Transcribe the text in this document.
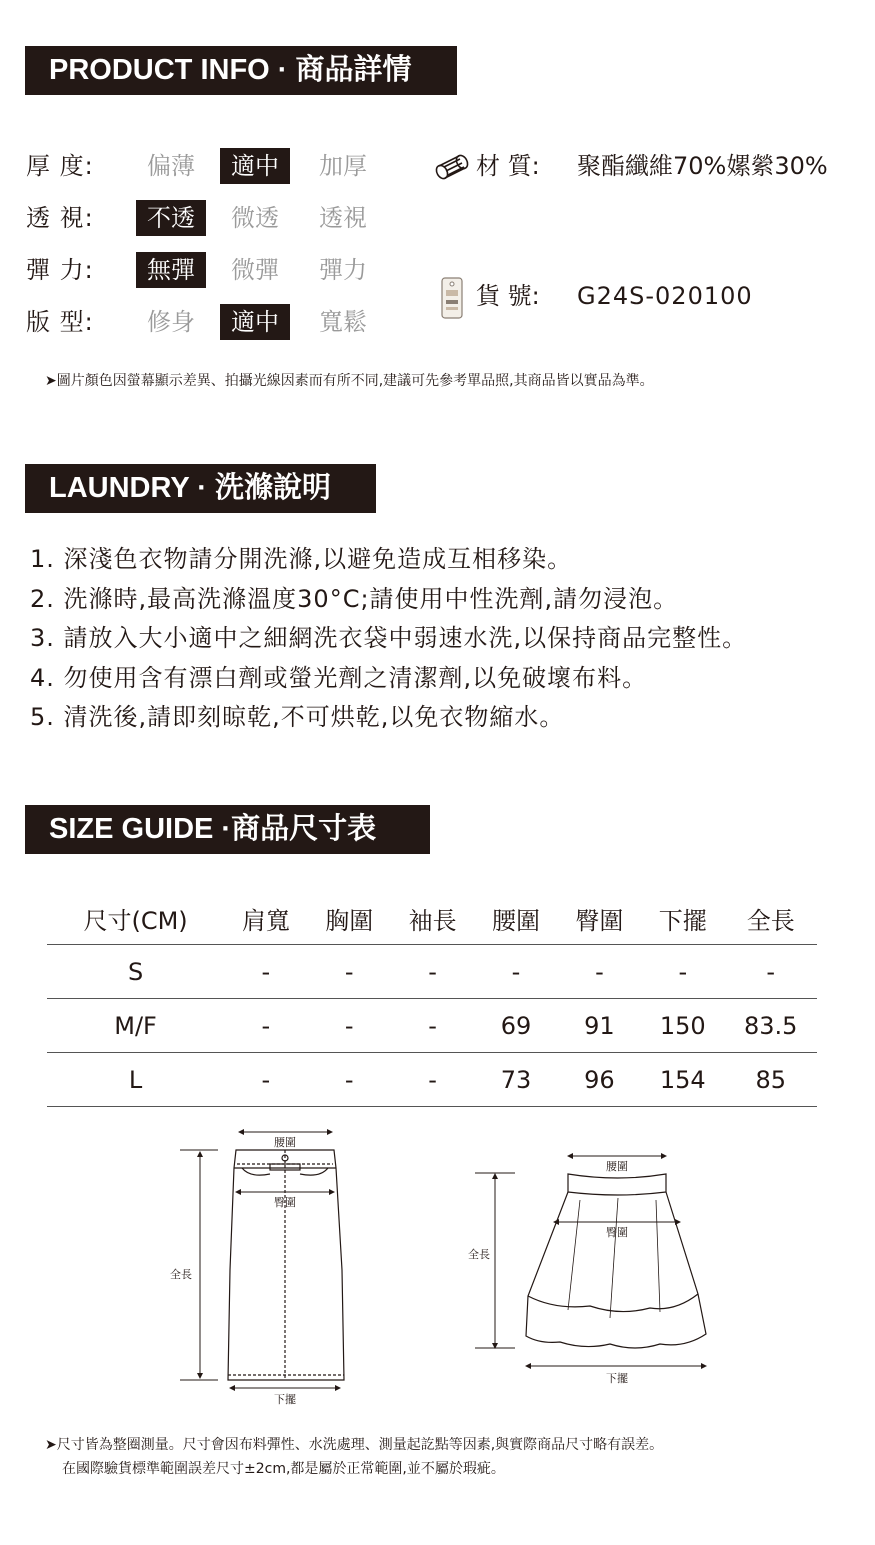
PRODUCT INFO · 商品詳情
厚 度:	偏薄	適中	加厚
透 視:	不透	微透	透視
彈 力:	無彈	微彈	彈力
版 型:	修身	適中	寬鬆
材 質: 聚酯纖維70%嫘縈30%
貨 號: G24S-020100
➤圖片顏色因螢幕顯示差異、拍攝光線因素而有所不同,建議可先參考單品照,其商品皆以實品為準。
LAUNDRY · 洗滌說明
1. 深淺色衣物請分開洗滌,以避免造成互相移染。
2. 洗滌時,最高洗滌溫度30°C;請使用中性洗劑,請勿浸泡。
3. 請放入大小適中之細網洗衣袋中弱速水洗,以保持商品完整性。
4. 勿使用含有漂白劑或螢光劑之清潔劑,以免破壞布料。
5. 清洗後,請即刻晾乾,不可烘乾,以免衣物縮水。
SIZE GUIDE ·商品尺寸表
尺寸(CM)	肩寬	胸圍	袖長	腰圍	臀圍	下擺	全長
S	-	-	-	-	-	-	-
M/F	-	-	-	69	91	150	83.5
L	-	-	-	73	96	154	85
腰圍
臀圍
全長
下擺
腰圍
臀圍
全長
下擺
➤尺寸皆為整圈測量。尺寸會因布料彈性、水洗處理、測量起訖點等因素,與實際商品尺寸略有誤差。
在國際驗貨標準範圍誤差尺寸±2cm,都是屬於正常範圍,並不屬於瑕疵。
